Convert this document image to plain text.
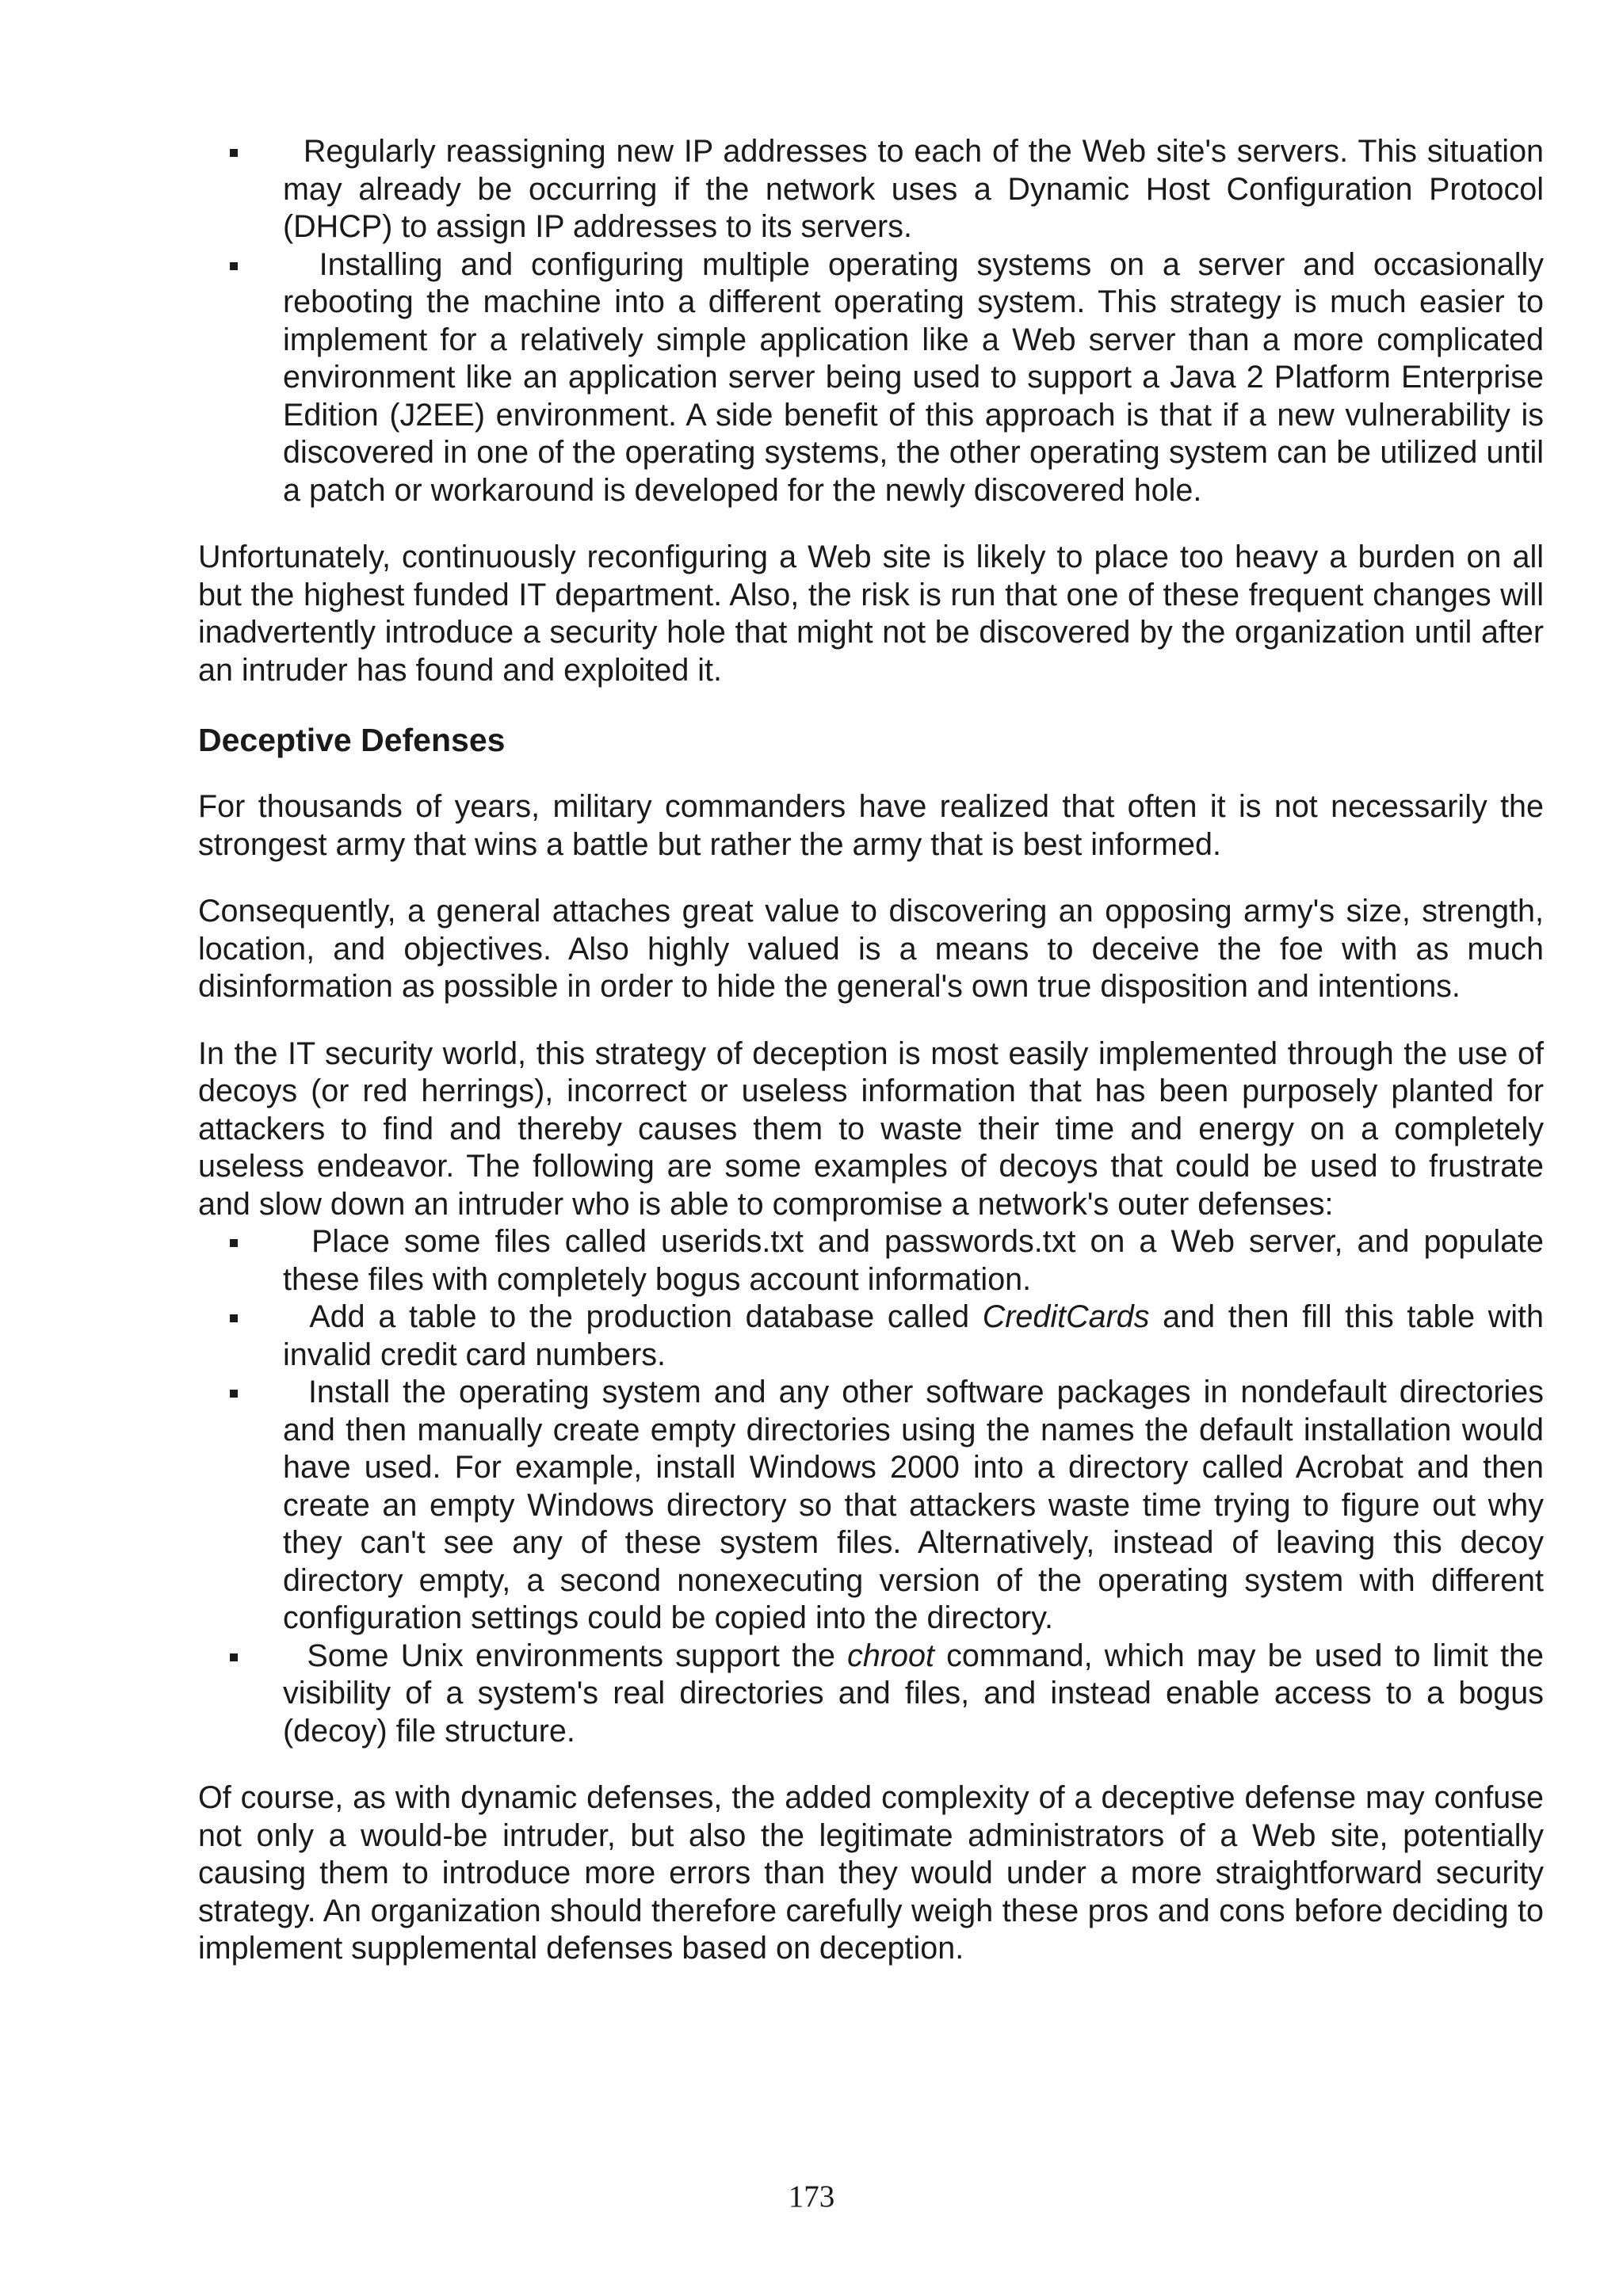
Regularly reassigning new IP addresses to each of the Web site's servers. This situation may already be occurring if the network uses a Dynamic Host Configuration Protocol (DHCP) to assign IP addresses to its servers.
Installing and configuring multiple operating systems on a server and occasionally rebooting the machine into a different operating system. This strategy is much easier to implement for a relatively simple application like a Web server than a more complicated environment like an application server being used to support a Java 2 Platform Enterprise Edition (J2EE) environment. A side benefit of this approach is that if a new vulnerability is discovered in one of the operating systems, the other operating system can be utilized until a patch or workaround is developed for the newly discovered hole.

Unfortunately, continuously reconfiguring a Web site is likely to place too heavy a burden on all but the highest funded IT department. Also, the risk is run that one of these frequent changes will inadvertently introduce a security hole that might not be discovered by the organization until after an intruder has found and exploited it.

Deceptive Defenses

For thousands of years, military commanders have realized that often it is not necessarily the strongest army that wins a battle but rather the army that is best informed.

Consequently, a general attaches great value to discovering an opposing army's size, strength, location, and objectives. Also highly valued is a means to deceive the foe with as much disinformation as possible in order to hide the general's own true disposition and intentions.

In the IT security world, this strategy of deception is most easily implemented through the use of decoys (or red herrings), incorrect or useless information that has been purposely planted for attackers to find and thereby causes them to waste their time and energy on a completely useless endeavor. The following are some examples of decoys that could be used to frustrate and slow down an intruder who is able to compromise a network's outer defenses:

Place some files called userids.txt and passwords.txt on a Web server, and populate these files with completely bogus account information.
Add a table to the production database called CreditCards and then fill this table with invalid credit card numbers.
Install the operating system and any other software packages in nondefault directories and then manually create empty directories using the names the default installation would have used. For example, install Windows 2000 into a directory called Acrobat and then create an empty Windows directory so that attackers waste time trying to figure out why they can't see any of these system files. Alternatively, instead of leaving this decoy directory empty, a second nonexecuting version of the operating system with different configuration settings could be copied into the directory.
Some Unix environments support the chroot command, which may be used to limit the visibility of a system's real directories and files, and instead enable access to a bogus (decoy) file structure.

Of course, as with dynamic defenses, the added complexity of a deceptive defense may confuse not only a would-be intruder, but also the legitimate administrators of a Web site, potentially causing them to introduce more errors than they would under a more straightforward security strategy. An organization should therefore carefully weigh these pros and cons before deciding to implement supplemental defenses based on deception.

173
